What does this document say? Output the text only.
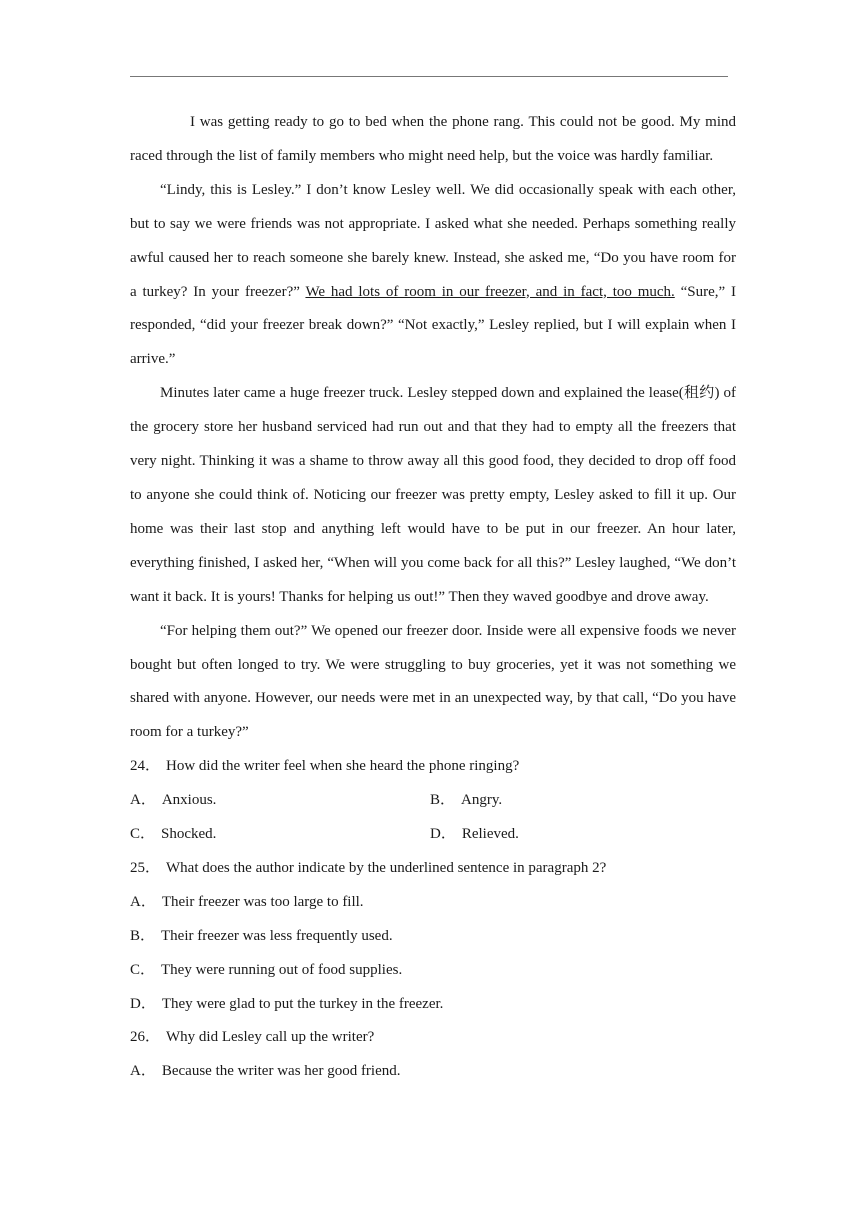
I was getting ready to go to bed when the phone rang. This could not be good. My mind raced through the list of family members who might need help, but the voice was hardly familiar.

“Lindy, this is Lesley.” I don’t know Lesley well. We did occasionally speak with each other, but to say we were friends was not appropriate. I asked what she needed. Perhaps something really awful caused her to reach someone she barely knew. Instead, she asked me, “Do you have room for a turkey? In your freezer?” We had lots of room in our freezer, and in fact, too much. “Sure,” I responded, “did your freezer break down?” “Not exactly,” Lesley replied, but I will explain when I arrive.”

Minutes later came a huge freezer truck. Lesley stepped down and explained the lease(租约) of the grocery store her husband serviced had run out and that they had to empty all the freezers that very night. Thinking it was a shame to throw away all this good food, they decided to drop off food to anyone she could think of. Noticing our freezer was pretty empty, Lesley asked to fill it up. Our home was their last stop and anything left would have to be put in our freezer. An hour later, everything finished, I asked her, “When will you come back for all this?” Lesley laughed, “We don’t want it back. It is yours! Thanks for helping us out!” Then they waved goodbye and drove away.

“For helping them out?” We opened our freezer door. Inside were all expensive foods we never bought but often longed to try. We were struggling to buy groceries, yet it was not something we shared with anyone. However, our needs were met in an unexpected way, by that call, “Do you have room for a turkey?”

24． How did the writer feel when she heard the phone ringing?

A． Anxious.	B． Angry.
C． Shocked.	D． Relieved.

25． What does the author indicate by the underlined sentence in paragraph 2?

A． Their freezer was too large to fill.

B． Their freezer was less frequently used.

C． They were running out of food supplies.

D． They were glad to put the turkey in the freezer.

26． Why did Lesley call up the writer?

A． Because the writer was her good friend.
